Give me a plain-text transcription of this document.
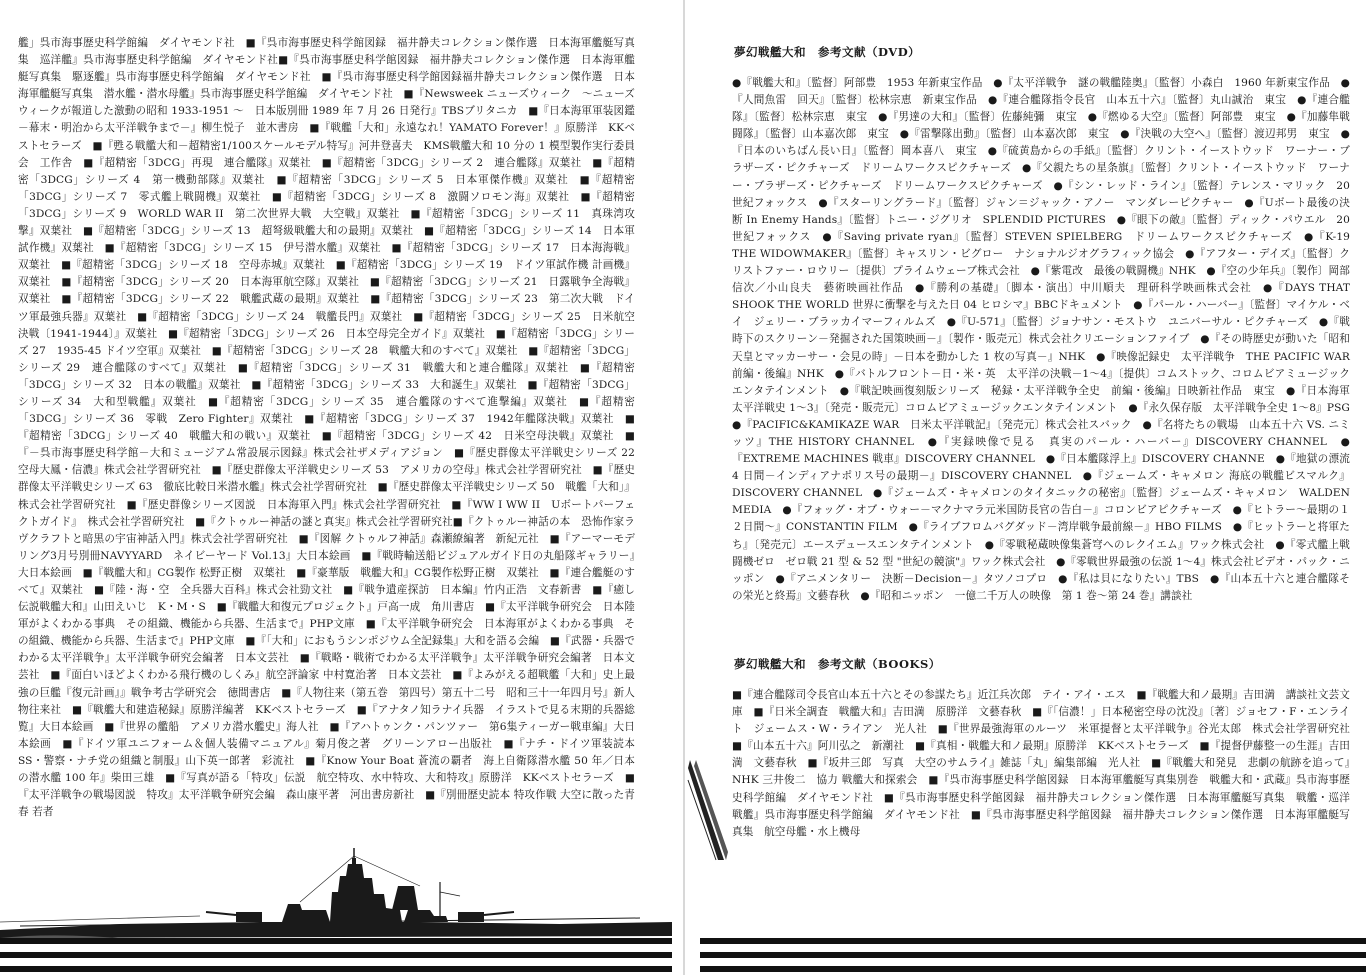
艦」呉市海事歴史科学館編　ダイヤモンド社　■『呉市海事歴史科学館図録　福井静夫コレクション傑作選　日本海軍艦艇写真集　巡洋艦』呉市海事歴史科学館編　ダイヤモンド社■『呉市海事歴史科学館図録　福井静夫コレクション傑作選　日本海軍艦艇写真集　駆逐艦』呉市海事歴史科学館編　ダイヤモンド社　■『呉市海事歴史科学館図録福井静夫コレクション傑作選　日本海軍艦艇写真集　潜水艦・潜水母艦』呉市海事歴史科学館編　ダイヤモンド社　■『Newsweek ニューズウィーク　～ニューズウィークが報道した激動の昭和 1933-1951 ～　日本版別冊 1989 年 7 月 26 日発行』TBSブリタニカ　■『日本海軍軍装図鑑－幕末・明治から太平洋戦争まで－』柳生悦子　並木書房　■『戦艦「大和」永遠なれ！YAMATO Forever！』原勝洋　KKベストセラーズ　■『甦る戦艦大和－超精密1/100スケールモデル特写』河井登喜夫　KMS戦艦大和 10 分の 1 模型製作実行委員会　工作舎　■『超精密「3DCG」再現　連合艦隊』双葉社　■『超精密「3DCG」シリーズ 2　連合艦隊』双葉社　■『超精密「3DCG」シリーズ 4　第一機動部隊』双葉社　■『超精密「3DCG」シリーズ 5　日本軍傑作機』双葉社　■『超精密「3DCG」シリーズ 7　零式艦上戦闘機』双葉社　■『超精密「3DCG」シリーズ 8　激闘ソロモン海』双葉社　■『超精密「3DCG」シリーズ 9　WORLD WAR II　第二次世界大戦　大空戦』双葉社　■『超精密「3DCG」シリーズ 11　真珠湾攻撃』双葉社　■『超精密「3DCG」シリーズ 13　超弩級戦艦大和の最期』双葉社　■『超精密「3DCG」シリーズ 14　日本軍試作機』双葉社　■『超精密「3DCG」シリーズ 15　伊号潜水艦』双葉社　■『超精密「3DCG」シリーズ 17　日本海海戦』双葉社　■『超精密「3DCG」シリーズ 18　空母赤城』双葉社　■『超精密「3DCG」シリーズ 19　ドイツ軍試作機 計画機』双葉社　■『超精密「3DCG」シリーズ 20　日本海軍航空隊』双葉社　■『超精密「3DCG」シリーズ 21　日露戦争全海戦』双葉社　■『超精密「3DCG」シリーズ 22　戦艦武蔵の最期』双葉社　■『超精密「3DCG」シリーズ 23　第二次大戦　ドイツ軍最強兵器』双葉社　■『超精密「3DCG」シリーズ 24　戦艦長門』双葉社　■『超精密「3DCG」シリーズ 25　日米航空決戦〔1941-1944〕』双葉社　■『超精密「3DCG」シリーズ 26　日本空母完全ガイド』双葉社　■『超精密「3DCG」シリーズ 27　1935-45 ドイツ空軍』双葉社　■『超精密「3DCG」シリーズ 28　戦艦大和のすべて』双葉社　■『超精密「3DCG」シリーズ 29　連合艦隊のすべて』双葉社　■『超精密「3DCG」シリーズ 31　戦艦大和と連合艦隊』双葉社　■『超精密「3DCG」シリーズ 32　日本の戦艦』双葉社　■『超精密「3DCG」シリーズ 33　大和誕生』双葉社　■『超精密「3DCG」シリーズ 34　大和型戦艦』双葉社　■『超精密「3DCG」シリーズ 35　連合艦隊のすべて進撃編』双葉社　■『超精密「3DCG」シリーズ 36　零戦　Zero Fighter』双葉社　■『超精密「3DCG」シリーズ 37　1942年艦隊決戦』双葉社　■『超精密「3DCG」シリーズ 40　戦艦大和の戦い』双葉社　■『超精密「3DCG」シリーズ 42　日米空母決戦』双葉社　■『－呉市海事歴史科学館－大和ミュージアム常設展示図録』株式会社ザメディアジョン　■『歴史群像太平洋戦史シリーズ 22　空母大鳳・信濃』株式会社学習研究社　■『歴史群像太平洋戦史シリーズ 53　アメリカの空母』株式会社学習研究社　■『歴史群像太平洋戦史シリーズ 63　徹底比較日米潜水艦』株式会社学習研究社　■『歴史群像太平洋戦史シリーズ 50　戦艦「大和」』株式会社学習研究社　■『歴史群像シリーズ図説　日本海軍入門』株式会社学習研究社　■『WW I WW II　Uボートパーフェクトガイド』　株式会社学習研究社　■『クトゥルー神話の謎と真実』株式会社学習研究社■『クトゥルー神話の本　恐怖作家ラヴクラフトと暗黒の宇宙神話入門』株式会社学習研究社　■『図解 クトゥルフ神話』森瀬繚編著　新紀元社　■『アーマーモデリング3月号別冊NAVYYARD　ネイビーヤード Vol.13』大日本絵画　■『戦時輸送船ビジュアルガイド日の丸船隊ギャラリー』大日本絵画　■『戦艦大和』CG製作 松野正樹　双葉社　■『豪華版　戦艦大和』CG製作松野正樹　双葉社　■『連合艦艇のすべて』双葉社　■『陸・海・空　全兵器大百科』株式会社勁文社　■『戦争遺産探訪　日本編』竹内正浩　文春新書　■『癒し伝説戦艦大和』山田えいじ　K・M・S　■『戦艦大和復元プロジェクト』戸高一成　角川書店　■『太平洋戦争研究会　日本陸軍がよくわかる事典　その組織、機能から兵器、生活まで』PHP文庫　■『太平洋戦争研究会　日本海軍がよくわかる事典　その組織、機能から兵器、生活まで』PHP文庫　■『「大和」におもうシンポジウム全記録集』大和を語る会編　■『武器・兵器でわかる太平洋戦争』太平洋戦争研究会編著　日本文芸社　■『戦略・戦術でわかる太平洋戦争』太平洋戦争研究会編著　日本文芸社　■『面白いほどよくわかる飛行機のしくみ』航空評論家 中村寛治著　日本文芸社　■『よみがえる超戦艦「大和」史上最強の巨艦『復元計画』』戦争考古学研究会　徳間書店　■『人物往来（第五巻　第四号）第五十二号　昭和三十一年四月号』新人物往来社　■『戦艦大和建造秘録』原勝洋編著　KKベストセラーズ　■『アナタノ知ラナイ兵器　イラストで見る末期的兵器総覧』大日本絵画　■『世界の艦船　アメリカ潜水艦史』海人社　■『アハトゥンク・パンツァー　第6集ティーガー戦車編』大日本絵画　■『ドイツ軍ユニフォーム＆個人装備マニュアル』菊月俊之著　グリーンアロー出版社　■『ナチ・ドイツ軍装読本　SS・警察・ナチ党の組織と制服』山下英一郎著　彩流社　■『Know Your Boat 蒼流の覇者　海上自衛隊潜水艦 50 年／日本の潜水艦 100 年』柴田三雄　■『写真が語る「特攻」伝説　航空特攻、水中特攻、大和特攻』原勝洋　KKベストセラーズ　■『太平洋戦争の戦場図説　特攻』太平洋戦争研究会編　森山康平著　河出書房新社　■『別冊歴史読本 特攻作戦 大空に散った青春 若者
夢幻戦艦大和　参考文献（DVD）
●『戦艦大和』〔監督〕阿部豊　1953 年新東宝作品　●『太平洋戦争　謎の戦艦陸奥』〔監督〕小森白　1960 年新東宝作品　●『人間魚雷　回天』〔監督〕松林宗恵　新東宝作品　●『連合艦隊指令長官　山本五十六』〔監督〕丸山誠治　東宝　●『連合艦隊』〔監督〕松林宗恵　東宝　●『男達の大和』〔監督〕佐藤純彌　東宝　●『燃ゆる大空』〔監督〕阿部豊　東宝　●『加藤隼戦闘隊』〔監督〕山本嘉次郎　東宝　●『雷撃隊出動』〔監督〕山本嘉次郎　東宝　●『決戦の大空へ』〔監督〕渡辺邦男　東宝　●『日本のいちばん長い日』〔監督〕岡本喜八　東宝　●『硫黄島からの手紙』〔監督〕クリント・イーストウッド　ワーナー・ブラザーズ・ピクチャーズ　ドリームワークスピクチャーズ　●『父親たちの星条旗』〔監督〕クリント・イーストウッド　ワーナー・ブラザーズ・ピクチャーズ　ドリームワークスピクチャーズ　●『シン・レッド・ライン』〔監督〕テレンス・マリック　20 世紀フォックス　●『スターリングラード』〔監督〕ジャン＝ジャック・アノー　マンダレーピクチャー　●『Uボート最後の決断 In Enemy Hands』〔監督〕トニー・ジグリオ　SPLENDID PICTURES　●『眼下の敵』〔監督〕ディック・パウエル　20 世紀フォックス　●『Saving private ryan』〔監督〕STEVEN SPIELBERG　ドリームワークスピクチャーズ　●『K-19 THE WIDOWMAKER』〔監督〕キャスリン・ビグロー　ナショナルジオグラフィック協会　●『アフター・デイズ』〔監督〕クリストファー・ロウリー〔提供〕プライムウェーブ株式会社　●『紫電改　最後の戦闘機』NHK　●『空の少年兵』〔製作〕岡部信次／小山良夫　藝術映画社作品　●『勝利の基礎』〔脚本・演出〕中川順夫　理研科学映画株式会社　●『DAYS THAT SHOOK THE WORLD 世界に衝撃を与えた日 04 ヒロシマ』BBCドキュメント　●『パール・ハーバー』〔監督〕マイケル・ベイ　ジェリー・ブラッカイマーフィルムズ　●『U-571』〔監督〕ジョナサン・モストウ　ユニバーサル・ピクチャーズ　●『戦時下のスクリーン－発掘された国策映画－』〔製作・販売元〕株式会社クリエーションファイブ　●『その時歴史が動いた「昭和天皇とマッカーサー・会見の時」－日本を動かした 1 枚の写真－』NHK　●『映像記録史　太平洋戦争　THE PACIFIC WAR　前編・後編』NHK　●『バトルフロント－日・米・英　太平洋の決戦－1～4』〔提供〕コムストック、コロムビアミュージックエンタテインメント　●『戦記映画復刻版シリーズ　秘録・太平洋戦争全史　前編・後編』日映新社作品　東宝　●『日本海軍　太平洋戦史 1～3』〔発売・販売元〕コロムビアミュージックエンタテインメント　●『永久保存版　太平洋戦争全史 1～8』PSG　●『PACIFIC&KAMIKAZE WAR　日米太平洋戦記』〔発売元〕株式会社スバック　●『名将たちの戦場　山本五十六 VS. ニミッツ』THE HISTORY CHANNEL　●『実録映像で見る　真実のパール・ハーバー』DISCOVERY CHANNEL　●『EXTREME MACHINES 戦車』DISCOVERY CHANNEL　●『日本艦隊浮上』DISCOVERY CHANNE　●『地獄の漂流 4 日間－インディアナポリス号の最期－』DISCOVERY CHANNEL　●『ジェームズ・キャメロン 海底の戦艦ビスマルク』DISCOVERY CHANNEL　●『ジェームズ・キャメロンのタイタニックの秘密』〔監督〕ジェームズ・キャメロン　WALDEN MEDIA　●『フォッグ・オブ・ウォー－マクナマラ元米国防長官の告白－』コロンビアピクチャーズ　●『ヒトラー～最期の１２日間～』CONSTANTIN FILM　●『ライブフロムバグダッド－湾岸戦争最前線－』HBO FILMS　●『ヒットラーと将軍たち』〔発売元〕エースデュースエンタテインメント　●『零戦秘蔵映像集蒼穹へのレクイエム』ワック株式会社　●『零式艦上戦闘機ゼロ　ゼロ戦 21 型 & 52 型 "世紀の競演"』ワック株式会社　●『零戦世界最強の伝説 1～4』株式会社ビデオ・パック・ニッポン　●『アニメンタリー　決断－Decision－』タツノコプロ　●『私は貝になりたい』TBS　●『山本五十六と連合艦隊その栄光と終焉』文藝春秋　●『昭和ニッポン　一億二千万人の映像　第 1 巻～第 24 巻』講談社
夢幻戦艦大和　参考文献（BOOKS）
■『連合艦隊司令長官山本五十六とその参謀たち』近江兵次郎　テイ・アイ・エス　■『戦艦大和ノ最期』吉田満　講談社文芸文庫　■『日米全調査　戦艦大和』吉田満　原勝洋　文藝春秋　■『「信濃！」日本秘密空母の沈没』〔著〕ジョセフ・F・エンライト　ジェームス・W・ライアン　光人社　■『世界最強海軍のルーツ　米軍提督と太平洋戦争』谷光太郎　株式会社学習研究社　■『山本五十六』阿川弘之　新潮社　■『真相・戦艦大和ノ最期』原勝洋　KKベストセラーズ　■『提督伊藤整一の生涯』吉田満　文藝春秋　■『坂井三郎　写真　大空のサムライ』雑誌「丸」編集部編　光人社　■『戦艦大和発見　悲劇の航跡を追って』NHK 三井俊二　協力 戦艦大和探索会　■『呉市海事歴史科学館図録　日本海軍艦艇写真集別巻　戦艦大和・武蔵』呉市海事歴史科学館編　ダイヤモンド社　■『呉市海事歴史科学館図録　福井静夫コレクション傑作選　日本海軍艦艇写真集　戦艦・巡洋戦艦』呉市海事歴史科学館編　ダイヤモンド社　■『呉市海事歴史科学館図録　福井静夫コレクション傑作選　日本海軍艦艇写真集　航空母艦・水上機母
